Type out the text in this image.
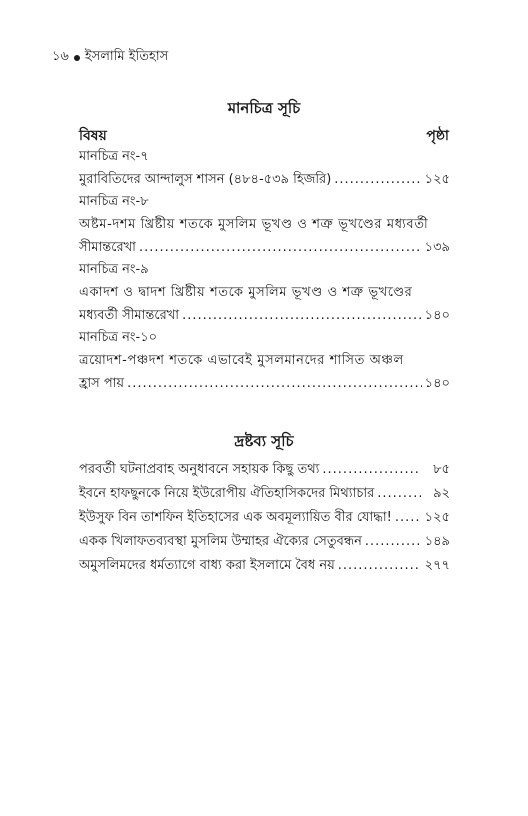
১৬ ইসলামি ইতিহাস
মানচিত্র সূচি
বিষয়	পৃষ্ঠা
মানচিত্র নং-৭
মুরাবিতিদের আন্দালুস শাসন (৪৮৪-৫৩৯ হিজরি) .....	১২৫
মানচিত্র নং-৮
অষ্টম-দশম খ্রিষ্টীয় শতকে মুসলিম ভূখণ্ড ও শত্রু ভূখণ্ডের মধ্যবর্তী
সীমান্তরেখা .....	১৩৯
মানচিত্র নং-৯
একাদশ ও দ্বাদশ খ্রিষ্টীয় শতকে মুসলিম ভূখণ্ড ও শত্রু ভূখণ্ডের
মধ্যবর্তী সীমান্তরেখা .....	১৪০
মানচিত্র নং-১০
ত্রয়োদশ-পঞ্চদশ শতকে এভাবেই মুসলমানদের শাসিত অঞ্চল
হ্রাস পায় .....	১৪০
দ্রষ্টব্য সূচি
পরবর্তী ঘটনাপ্রবাহ অনুধাবনে সহায়ক কিছু তথ্য .....	৮৫
ইবনে হাফছুনকে নিয়ে ইউরোপীয় ঐতিহাসিকদের মিথ্যাচার .....	৯২
ইউসুফ বিন তাশফিন ইতিহাসের এক অবমূল্যায়িত বীর যোদ্ধা! .....	১২৫
একক খিলাফতব্যবস্থা মুসলিম উম্মাহর ঐক্যের সেতুবন্ধন .....	১৪৯
অমুসলিমদের ধর্মত্যাগে বাধ্য করা ইসলামে বৈধ নয় .....	২৭৭
